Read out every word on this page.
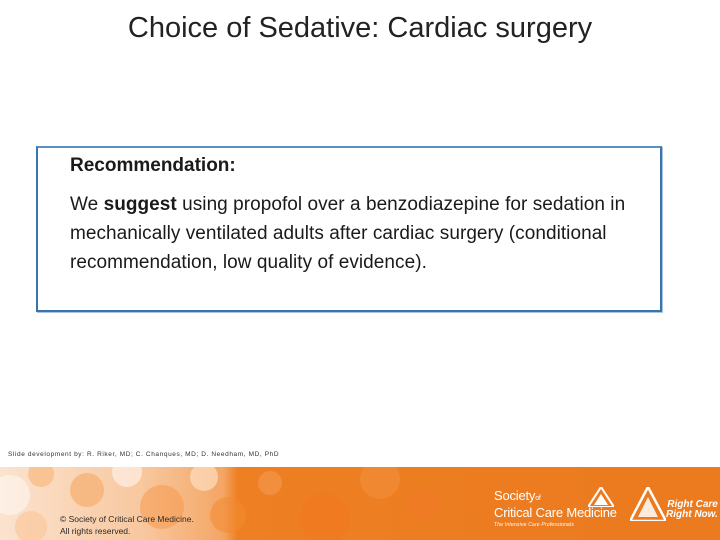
Choice of Sedative: Cardiac surgery
Recommendation:
We suggest using propofol over a benzodiazepine for sedation in mechanically ventilated adults after cardiac surgery (conditional recommendation, low quality of evidence).
Slide development by: R. Riker, MD; C. Chanques, MD; D. Needham, MD, PhD
© Society of Critical Care Medicine.
All rights reserved.
Societyof
Critical Care Medicine
The Intensive Care Professionals
Right Care
Right Now.
